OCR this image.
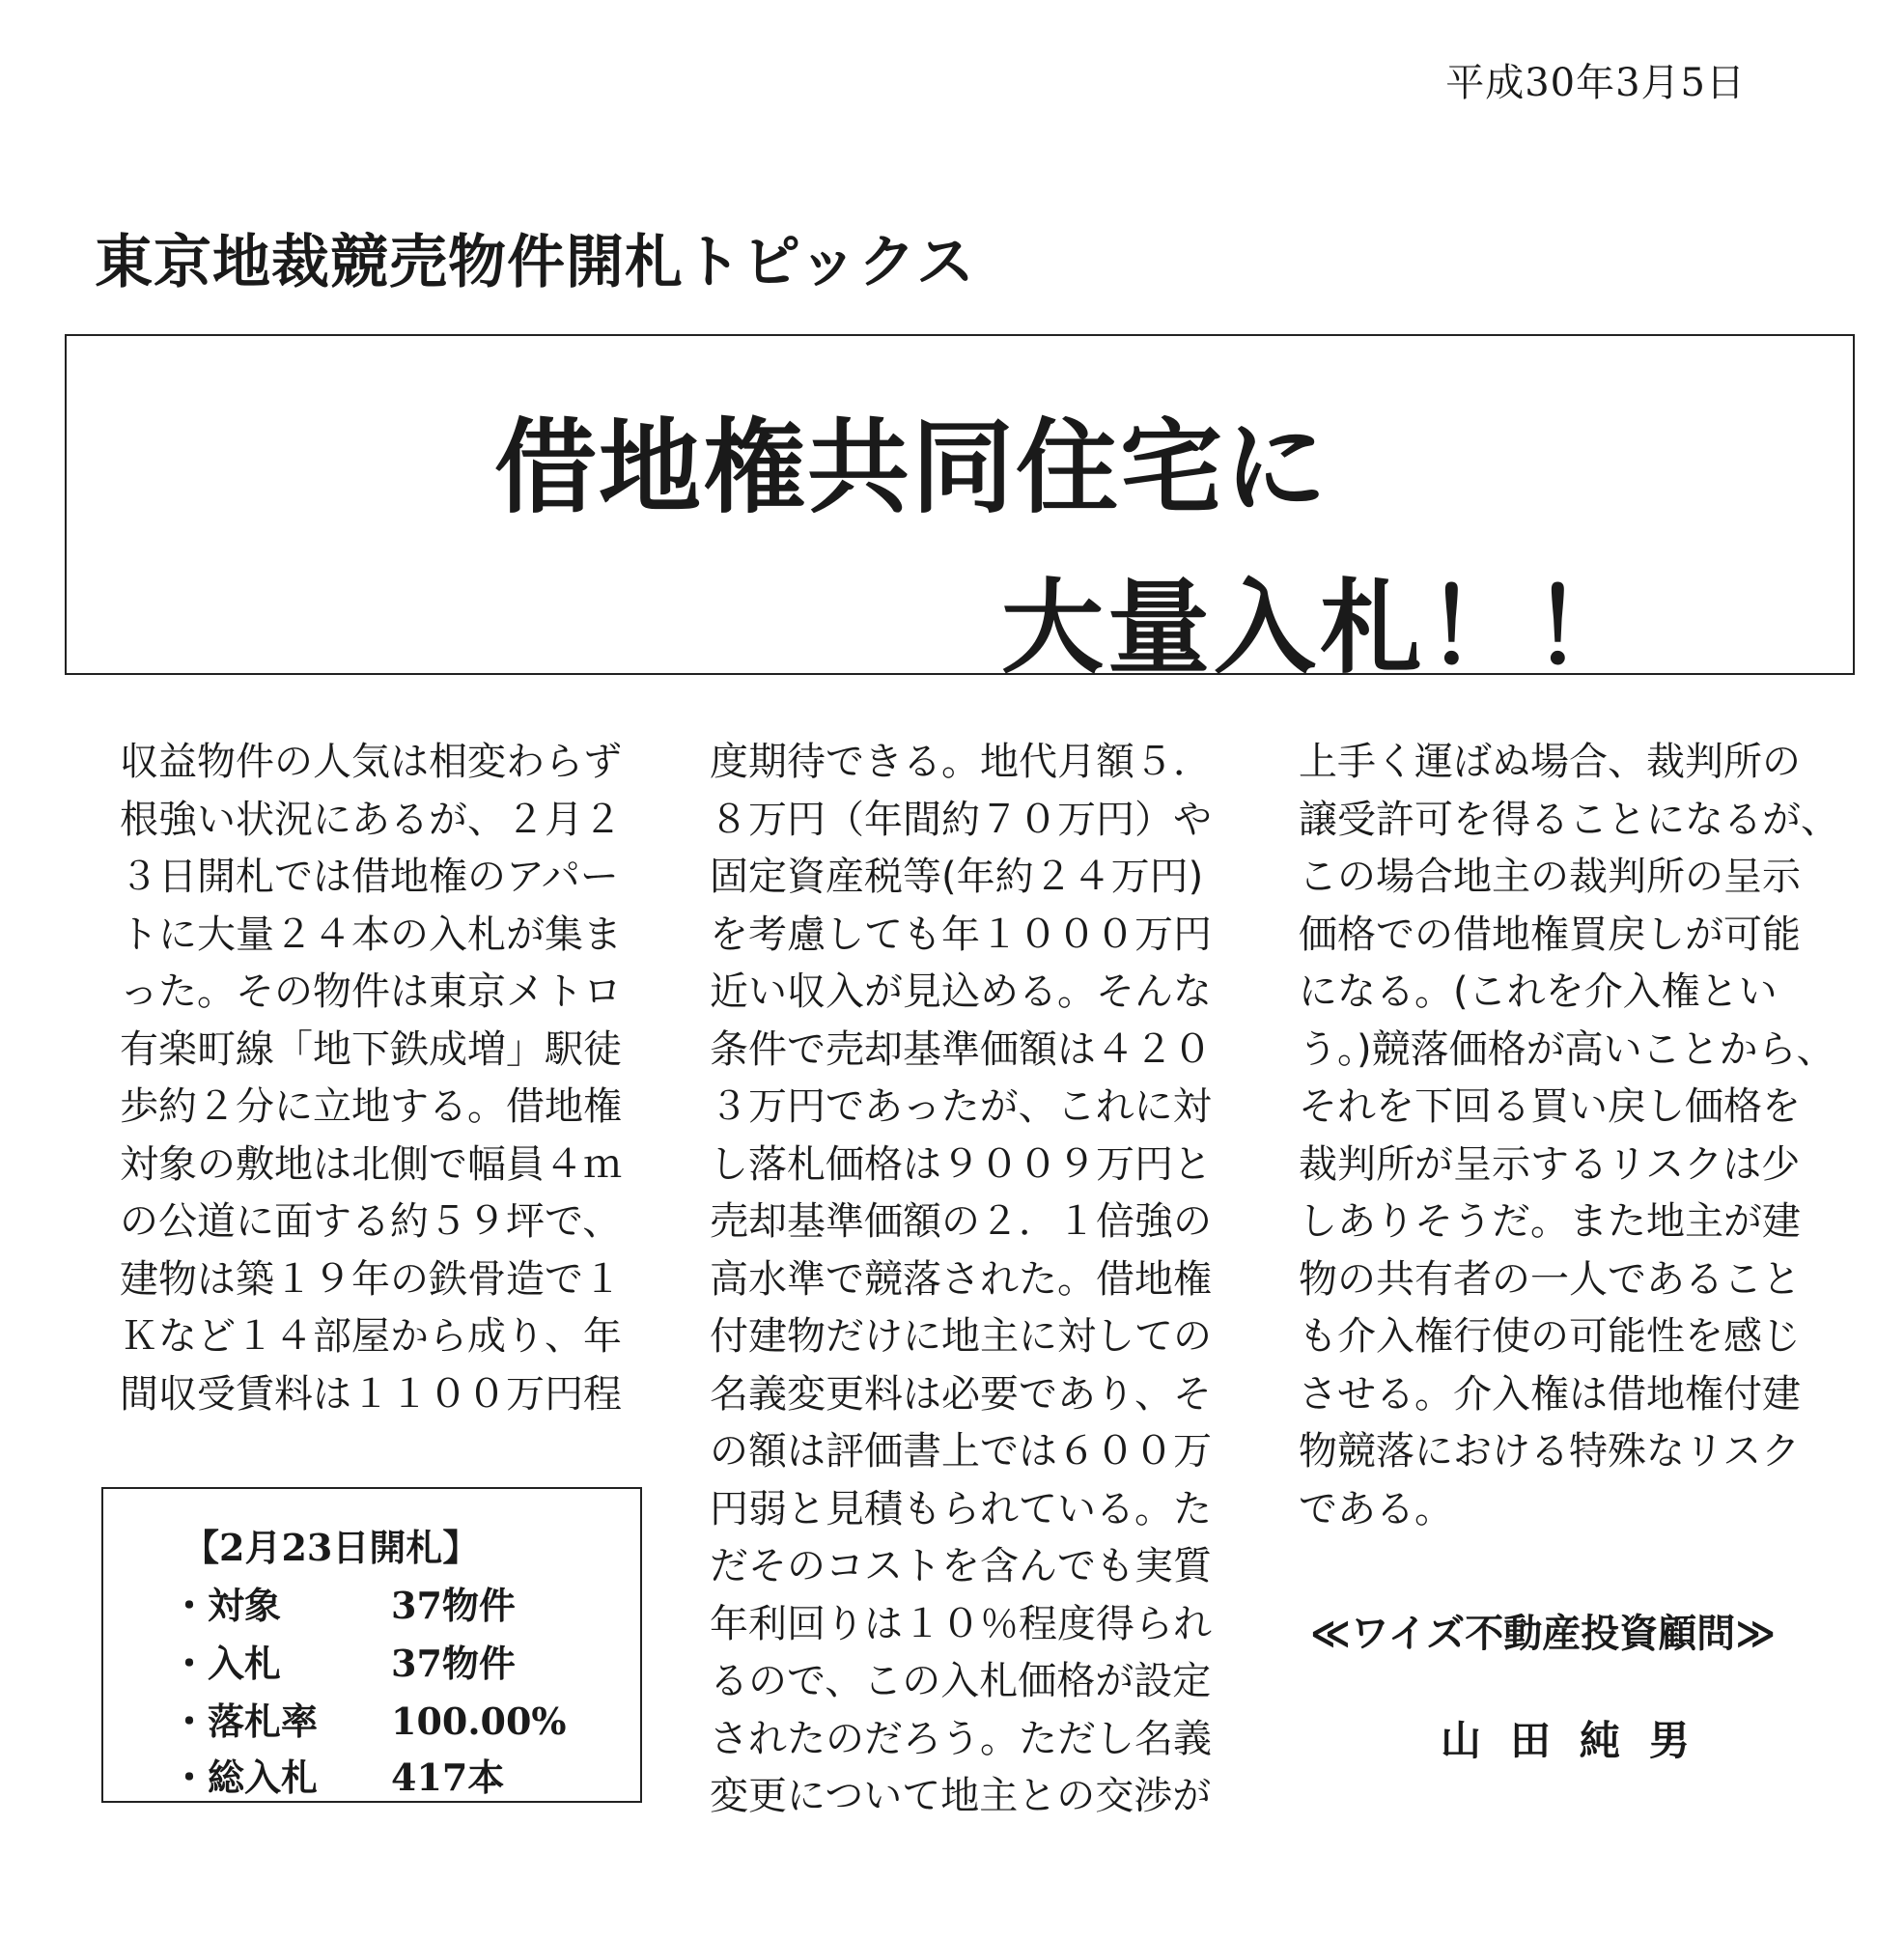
平成30年3月5日
東京地裁競売物件開札トピックス
借地権共同住宅に
大量入札！！
収益物件の人気は相変わらず
根強い状況にあるが、２月２
３日開札では借地権のアパー
トに大量２４本の入札が集ま
った。その物件は東京メトロ
有楽町線「地下鉄成増」駅徒
歩約２分に立地する。借地権
対象の敷地は北側で幅員４ｍ
の公道に面する約５９坪で、
建物は築１９年の鉄骨造で１
Ｋなど１４部屋から成り、年
間収受賃料は１１００万円程
度期待できる。地代月額５．
８万円（年間約７０万円）や
固定資産税等(年約２４万円)
を考慮しても年１０００万円
近い収入が見込める。そんな
条件で売却基準価額は４２０
３万円であったが、これに対
し落札価格は９００９万円と
売却基準価額の２．１倍強の
高水準で競落された。借地権
付建物だけに地主に対しての
名義変更料は必要であり、そ
の額は評価書上では６００万
円弱と見積もられている。た
だそのコストを含んでも実質
年利回りは１０％程度得られ
るので、この入札価格が設定
されたのだろう。ただし名義
変更について地主との交渉が
上手く運ばぬ場合、裁判所の
譲受許可を得ることになるが、
この場合地主の裁判所の呈示
価格での借地権買戻しが可能
になる。(これを介入権とい
う。)競落価格が高いことから、
それを下回る買い戻し価格を
裁判所が呈示するリスクは少
しありそうだ。また地主が建
物の共有者の一人であること
も介入権行使の可能性を感じ
させる。介入権は借地権付建
物競落における特殊なリスク
である。
【2月23日開札】
・対象	37物件
・入札	37物件
・落札率 100.00%
・総入札 417本
≪ワイズ不動産投資顧問≫
山田純男
